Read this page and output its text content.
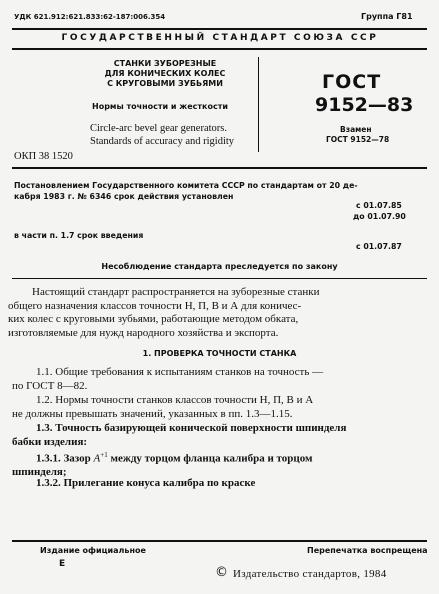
УДК 621.912:621.833:62-187:006.354	Группа Г81
ГОСУДАРСТВЕННЫЙ СТАНДАРТ СОЮЗА ССР
СТАНКИ ЗУБОРЕЗНЫЕ
ДЛЯ КОНИЧЕСКИХ КОЛЕС
С КРУГОВЫМИ ЗУБЬЯМИ
Нормы точности и жесткости
Circle-arc bevel gear generators.
Standards of accuracy and rigidity
ГОСТ
9152—83
Взамен
ГОСТ 9152—78
ОКП 38 1520
Постановлением Государственного комитета СССР по стандартам от 20 де-
кабря 1983 г. № 6346 срок действия установлен
с 01.07.85
до 01.07.90
в части п. 1.7 срок введения
с 01.07.87
Несоблюдение стандарта преследуется по закону

Настоящий стандарт распространяется на зуборезные станки

общего назначения классов точности Н, П, В и А для коничес-

ких колес с круговыми зубьями, работающие методом обката,

изготовляемые для нужд народного хозяйства и экспорта.

1. ПРОВЕРКА ТОЧНОСТИ СТАНКА

1.1. Общие требования к испытаниям станков на точность —

по ГОСТ 8—82.

1.2. Нормы точности станков классов точности Н, П, В и А

не должны превышать значений, указанных в пп. 1.3—1.15.

1.3. Точность базирующей конической поверхности шпинделя

бабки изделия:

1.3.1. Зазор $A^{+1}$ между торцом фланца калибра и торцом

шпинделя;

1.3.2. Прилегание конуса калибра по краске

Издание официальное	Перепечатка воспрещена
Е
© Издательство стандартов, 1984
